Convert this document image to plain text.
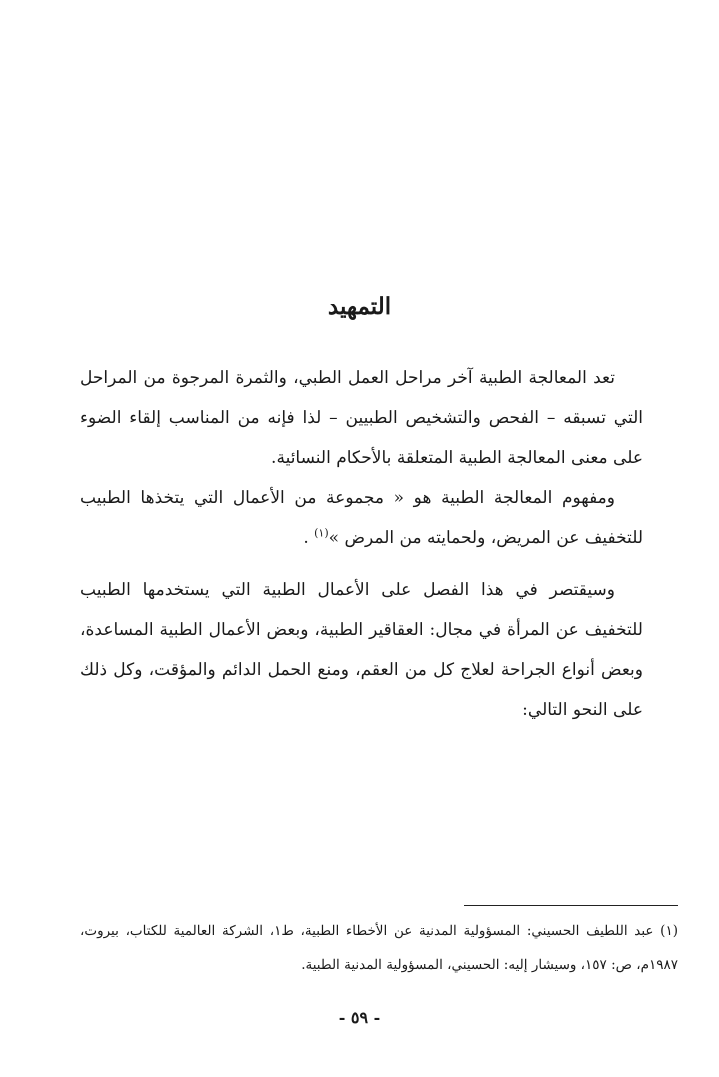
التمهيد

تعد المعالجة الطبية آخر مراحل العمل الطبي، والثمرة المرجوة من المراحل التي تسبقه – الفحص والتشخيص الطبيين – لذا فإنه من المناسب إلقاء الضوء على معنى المعالجة الطبية المتعلقة بالأحكام النسائية.

ومفهوم المعالجة الطبية هو « مجموعة من الأعمال التي يتخذها الطبيب للتخفيف عن المريض، ولحمايته من المرض »$^{(١)}$ .

وسيقتصر في هذا الفصل على الأعمال الطبية التي يستخدمها الطبيب للتخفيف عن المرأة في مجال: العقاقير الطبية، وبعض الأعمال الطبية المساعدة، وبعض أنواع الجراحة لعلاج كل من العقم، ومنع الحمل الدائم والمؤقت، وكل ذلك على النحو التالي:

(١) عبد اللطيف الحسيني: المسؤولية المدنية عن الأخطاء الطبية، ط١، الشركة العالمية للكتاب، بيروت، ١٩٨٧م، ص: ١٥٧، وسيشار إليه: الحسيني، المسؤولية المدنية الطبية.
- ٥٩ -
